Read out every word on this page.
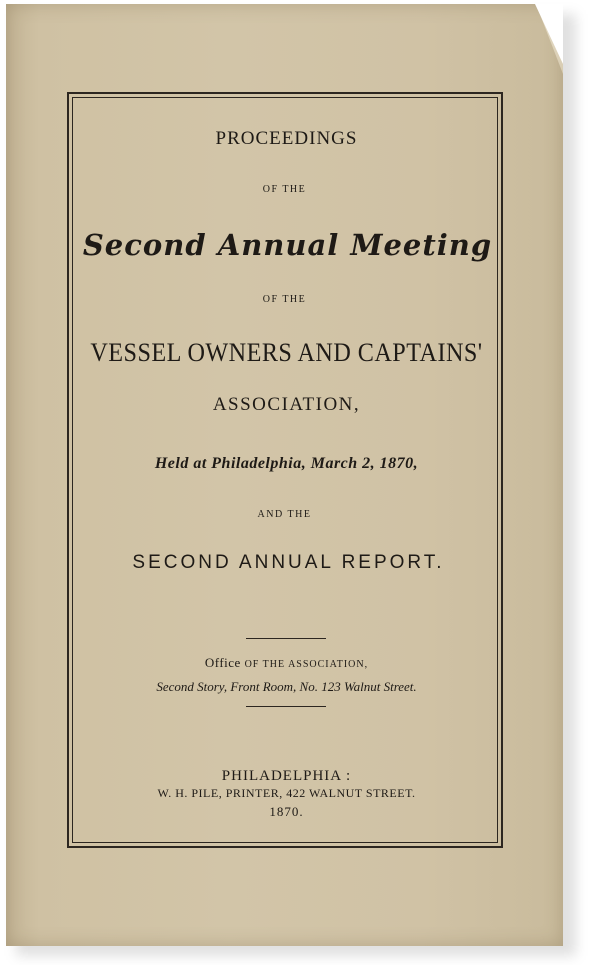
PROCEEDINGS
OF THE
Second Annual Meeting
OF THE
VESSEL OWNERS AND CAPTAINS'
ASSOCIATION,
Held at Philadelphia, March 2, 1870,
AND THE
SECOND ANNUAL REPORT.
Office OF THE ASSOCIATION,
Second Story, Front Room, No. 123 Walnut Street.
PHILADELPHIA :
W. H. PILE, PRINTER, 422 WALNUT STREET.
1870.
